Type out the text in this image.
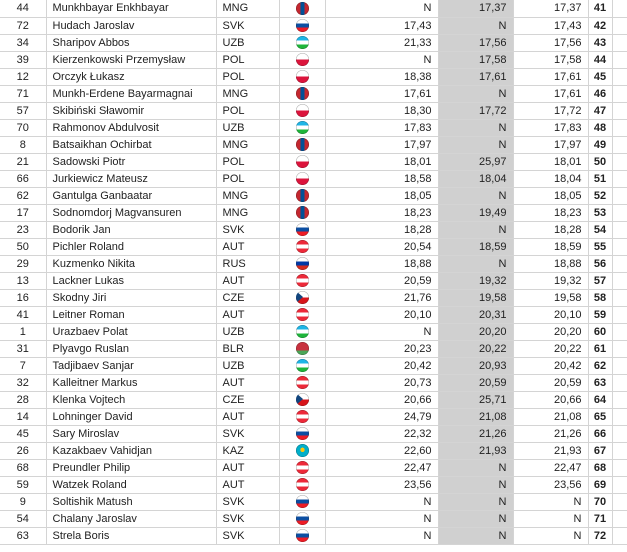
44	Munkhbayar Enkhbayar	MNG		N	17,37	17,37	41	
72	Hudach Jaroslav	SVK		17,43	N	17,43	42	
34	Sharipov Abbos	UZB		21,33	17,56	17,56	43	
39	Kierzenkowski Przemysław	POL		N	17,58	17,58	44	
12	Orczyk Łukasz	POL		18,38	17,61	17,61	45	
71	Munkh-Erdene Bayarmagnai	MNG		17,61	N	17,61	46	
57	Skibiński Sławomir	POL		18,30	17,72	17,72	47	
70	Rahmonov Abdulvosit	UZB		17,83	N	17,83	48	
8	Batsaikhan Ochirbat	MNG		17,97	N	17,97	49	
21	Sadowski Piotr	POL		18,01	25,97	18,01	50	
66	Jurkiewicz Mateusz	POL		18,58	18,04	18,04	51	
62	Gantulga Ganbaatar	MNG		18,05	N	18,05	52	
17	Sodnomdorj Magvansuren	MNG		18,23	19,49	18,23	53	
23	Bodorik Jan	SVK		18,28	N	18,28	54	
50	Pichler Roland	AUT		20,54	18,59	18,59	55	
29	Kuzmenko Nikita	RUS		18,88	N	18,88	56	
13	Lackner Lukas	AUT		20,59	19,32	19,32	57	
16	Skodny Jiri	CZE		21,76	19,58	19,58	58	
41	Leitner Roman	AUT		20,10	20,31	20,10	59	
1	Urazbaev Polat	UZB		N	20,20	20,20	60	
31	Plyavgo Ruslan	BLR		20,23	20,22	20,22	61	
7	Tadjibaev Sanjar	UZB		20,42	20,93	20,42	62	
32	Kalleitner Markus	AUT		20,73	20,59	20,59	63	
28	Klenka Vojtech	CZE		20,66	25,71	20,66	64	
14	Lohninger David	AUT		24,79	21,08	21,08	65	
45	Sary Miroslav	SVK		22,32	21,26	21,26	66	
26	Kazakbaev Vahidjan	KAZ		22,60	21,93	21,93	67	
68	Preundler Philip	AUT		22,47	N	22,47	68	
59	Watzek Roland	AUT		23,56	N	23,56	69	
9	Soltishik Matush	SVK		N	N	N	70	
54	Chalany Jaroslav	SVK		N	N	N	71	
63	Strela Boris	SVK		N	N	N	72	
